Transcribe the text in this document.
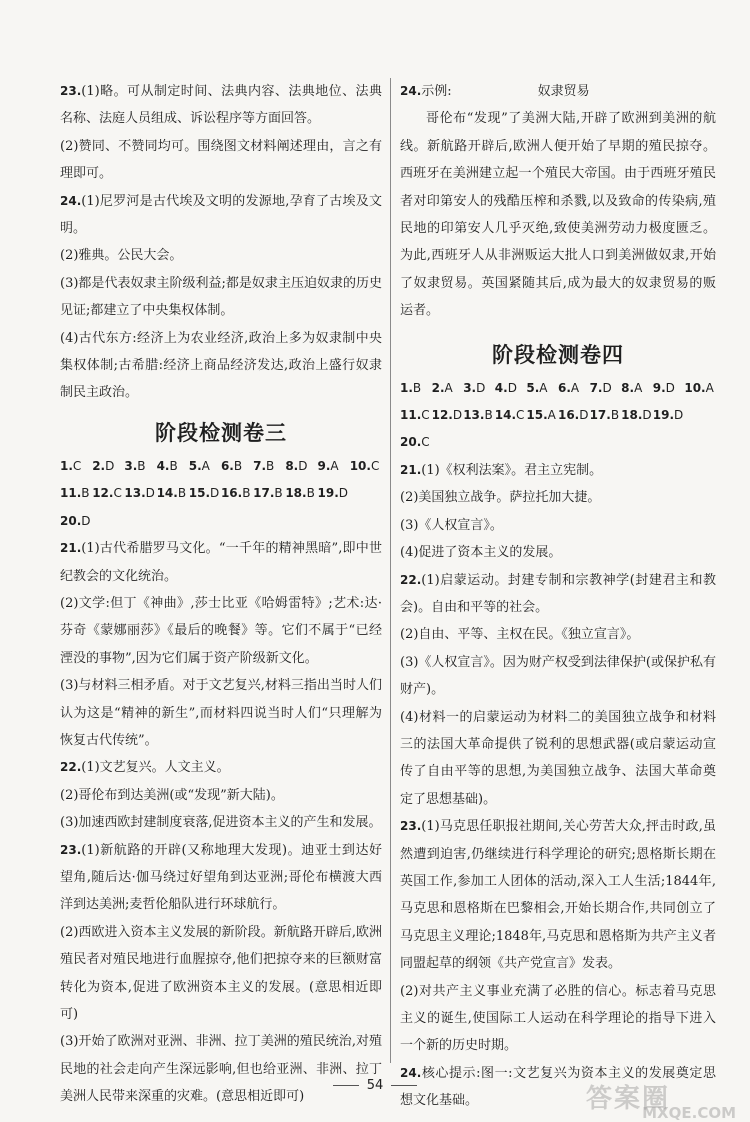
23.(1)略。可从制定时间、法典内容、法典地位、法典名称、法庭人员组成、诉讼程序等方面回答。

(2)赞同、不赞同均可。围绕图文材料阐述理由，言之有理即可。

24.(1)尼罗河是古代埃及文明的发源地,孕育了古埃及文明。

(2)雅典。公民大会。

(3)都是代表奴隶主阶级利益;都是奴隶主压迫奴隶的历史见证;都建立了中央集权体制。

(4)古代东方:经济上为农业经济,政治上多为奴隶制中央集权体制;古希腊:经济上商品经济发达,政治上盛行奴隶制民主政治。

阶段检测卷三
1.C 2.D 3.B 4.B 5.A 6.B 7.B 8.D 9.A 10.C
11.B 12.C 13.D 14.B 15.D 16.B 17.B 18.B 19.D
20.D

21.(1)古代希腊罗马文化。“一千年的精神黑暗”,即中世纪教会的文化统治。

(2)文学:但丁《神曲》,莎士比亚《哈姆雷特》;艺术:达·芬奇《蒙娜丽莎》《最后的晚餐》等。它们不属于“已经湮没的事物”,因为它们属于资产阶级新文化。

(3)与材料三相矛盾。对于文艺复兴,材料三指出当时人们认为这是“精神的新生”,而材料四说当时人们“只理解为恢复古代传统”。

22.(1)文艺复兴。人文主义。

(2)哥伦布到达美洲(或“发现”新大陆)。

(3)加速西欧封建制度衰落,促进资本主义的产生和发展。

23.(1)新航路的开辟(又称地理大发现)。迪亚士到达好望角,随后达·伽马绕过好望角到达亚洲;哥伦布横渡大西洋到达美洲;麦哲伦船队进行环球航行。

(2)西欧进入资本主义发展的新阶段。新航路开辟后,欧洲殖民者对殖民地进行血腥掠夺,他们把掠夺来的巨额财富转化为资本,促进了欧洲资本主义的发展。(意思相近即可)

(3)开始了欧洲对亚洲、非洲、拉丁美洲的殖民统治,对殖民地的社会走向产生深远影响,但也给亚洲、非洲、拉丁美洲人民带来深重的灾难。(意思相近即可)

24. 示例:	奴隶贸易

哥伦布“发现”了美洲大陆,开辟了欧洲到美洲的航线。新航路开辟后,欧洲人便开始了早期的殖民掠夺。西班牙在美洲建立起一个殖民大帝国。由于西班牙殖民者对印第安人的残酷压榨和杀戮,以及致命的传染病,殖民地的印第安人几乎灭绝,致使美洲劳动力极度匮乏。为此,西班牙人从非洲贩运大批人口到美洲做奴隶,开始了奴隶贸易。英国紧随其后,成为最大的奴隶贸易的贩运者。

阶段检测卷四
1.B 2.A 3.D 4.D 5.A 6.A 7.D 8.A 9.D 10.A
11.C 12.D 13.B 14.C 15.A 16.D 17.B 18.D 19.D
20.C

21.(1)《权利法案》。君主立宪制。

(2)美国独立战争。萨拉托加大捷。

(3)《人权宣言》。

(4)促进了资本主义的发展。

22.(1)启蒙运动。封建专制和宗教神学(封建君主和教会)。自由和平等的社会。

(2)自由、平等、主权在民。《独立宣言》。

(3)《人权宣言》。因为财产权受到法律保护(或保护私有财产)。

(4)材料一的启蒙运动为材料二的美国独立战争和材料三的法国大革命提供了锐利的思想武器(或启蒙运动宣传了自由平等的思想,为美国独立战争、法国大革命奠定了思想基础)。

23.(1)马克思任职报社期间,关心劳苦大众,抨击时政,虽然遭到迫害,仍继续进行科学理论的研究;恩格斯长期在英国工作,参加工人团体的活动,深入工人生活;1844年,马克思和恩格斯在巴黎相会,开始长期合作,共同创立了马克思主义理论;1848年,马克思和恩格斯为共产主义者同盟起草的纲领《共产党宣言》发表。

(2)对共产主义事业充满了必胜的信心。标志着马克思主义的诞生,使国际工人运动在科学理论的指导下进入一个新的历史时期。

24.核心提示:图一:文艺复兴为资本主义的发展奠定思想文化基础。

54	答案圈
MXQE.COM
